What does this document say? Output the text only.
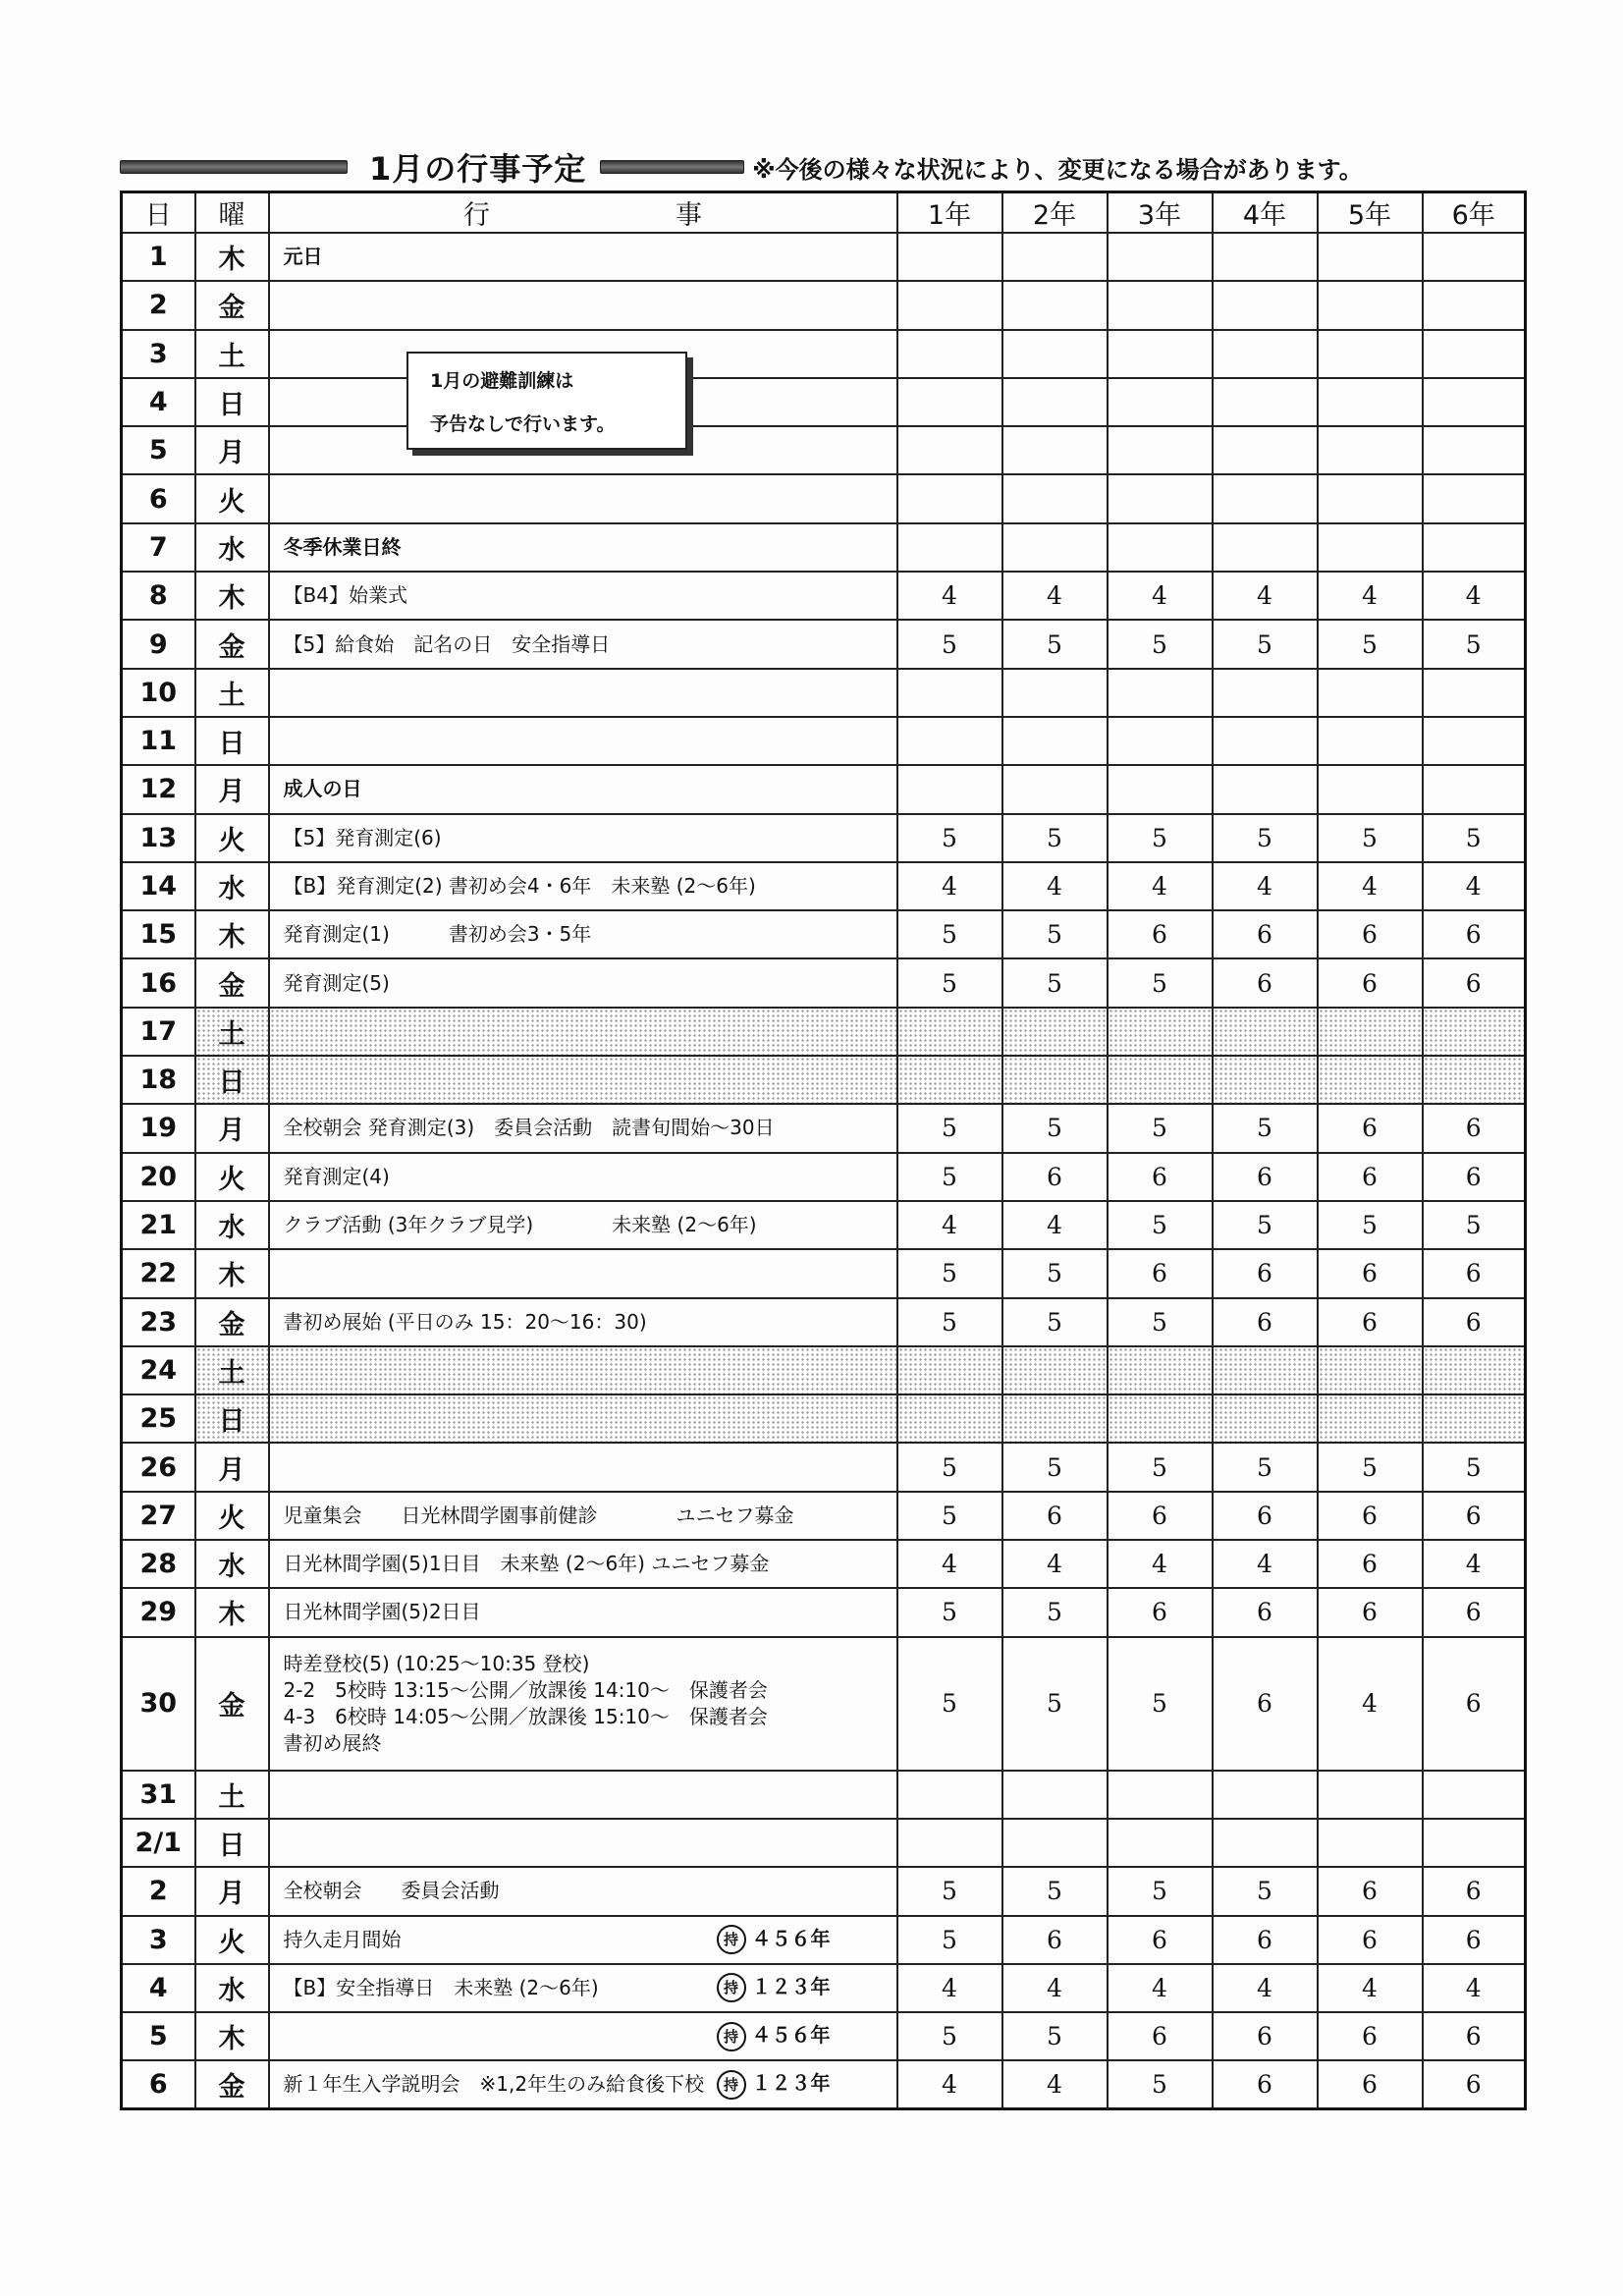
1月の行事予定	※今後の様々な状況により、変更になる場合があります。
日	曜	行　　　　　　　事	1年	2年	3年	4年	5年	6年
1	木	元日						
2	金							
3	土							
4	日							
5	月							
6	火							
7	水	冬季休業日終						
8	木	【B4】始業式	4	4	4	4	4	4
9	金	【5】給食始　記名の日　安全指導日	5	5	5	5	5	5
10	土							
11	日							
12	月	成人の日						
13	火	【5】発育測定(6)	5	5	5	5	5	5
14	水	【B】発育測定(2) 書初め会4・6年　未来塾 (2〜6年)	4	4	4	4	4	4
15	木	発育測定(1)　　　書初め会3・5年	5	5	6	6	6	6
16	金	発育測定(5)	5	5	5	6	6	6
17	土							
18	日							
19	月	全校朝会 発育測定(3)　委員会活動　読書旬間始〜30日	5	5	5	5	6	6
20	火	発育測定(4)	5	6	6	6	6	6
21	水	クラブ活動 (3年クラブ見学)　　　　未来塾 (2〜6年)	4	4	5	5	5	5
22	木		5	5	6	6	6	6
23	金	書初め展始 (平日のみ 15：20〜16：30)	5	5	5	6	6	6
24	土							
25	日							
26	月		5	5	5	5	5	5
27	火	児童集会　　日光林間学園事前健診　　　　ユニセフ募金	5	6	6	6	6	6
28	水	日光林間学園(5)1日目　未来塾 (2〜6年) ユニセフ募金	4	4	4	4	6	4
29	木	日光林間学園(5)2日目	5	5	6	6	6	6
30	金	時差登校(5) (10:25〜10:35 登校)
2-2　5校時 13:15〜公開／放課後 14:10〜　保護者会
4-3　6校時 14:05〜公開／放課後 15:10〜　保護者会
書初め展終	5	5	5	6	4	6
31	土							
2/1	日							
2	月	全校朝会　　委員会活動	5	5	5	5	6	6
3	火	持久走月間始 持 ４５６年	5	6	6	6	6	6
4	水	【B】安全指導日　未来塾 (2〜6年) 持 １２３年	4	4	4	4	4	4
5	木	持 ４５６年	5	5	6	6	6	6
6	金	新１年生入学説明会　※1,2年生のみ給食後下校 持 １２３年	4	4	5	6	6	6
1月の避難訓練は
予告なしで行います。
